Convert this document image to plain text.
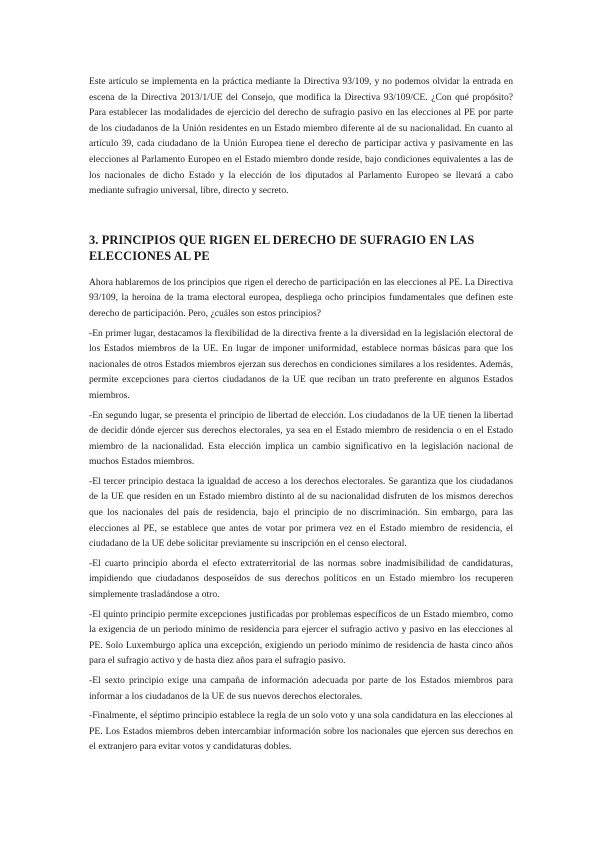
Este artículo se implementa en la práctica mediante la Directiva 93/109, y no podemos olvidar la entrada en escena de la Directiva 2013/1/UE del Consejo, que modifica la Directiva 93/109/CE. ¿Con qué propósito? Para establecer las modalidades de ejercicio del derecho de sufragio pasivo en las elecciones al PE por parte de los ciudadanos de la Unión residentes en un Estado miembro diferente al de su nacionalidad. En cuanto al artículo 39, cada ciudadano de la Unión Europea tiene el derecho de participar activa y pasivamente en las elecciones al Parlamento Europeo en el Estado miembro donde reside, bajo condiciones equivalentes a las de los nacionales de dicho Estado y la elección de los diputados al Parlamento Europeo se llevará a cabo mediante sufragio universal, libre, directo y secreto.

3. PRINCIPIOS QUE RIGEN EL DERECHO DE SUFRAGIO EN LAS ELECCIONES AL PE

Ahora hablaremos de los principios que rigen el derecho de participación en las elecciones al PE. La Directiva 93/109, la heroína de la trama electoral europea, despliega ocho principios fundamentales que definen este derecho de participación. Pero, ¿cuáles son estos principios?

-En primer lugar, destacamos la flexibilidad de la directiva frente a la diversidad en la legislación electoral de los Estados miembros de la UE. En lugar de imponer uniformidad, establece normas básicas para que los nacionales de otros Estados miembros ejerzan sus derechos en condiciones similares a los residentes. Además, permite excepciones para ciertos ciudadanos de la UE que reciban un trato preferente en algunos Estados miembros.

-En segundo lugar, se presenta el principio de libertad de elección. Los ciudadanos de la UE tienen la libertad de decidir dónde ejercer sus derechos electorales, ya sea en el Estado miembro de residencia o en el Estado miembro de la nacionalidad. Esta elección implica un cambio significativo en la legislación nacional de muchos Estados miembros.

-El tercer principio destaca la igualdad de acceso a los derechos electorales. Se garantiza que los ciudadanos de la UE que residen en un Estado miembro distinto al de su nacionalidad disfruten de los mismos derechos que los nacionales del país de residencia, bajo el principio de no discriminación. Sin embargo, para las elecciones al PE, se establece que antes de votar por primera vez en el Estado miembro de residencia, el ciudadano de la UE debe solicitar previamente su inscripción en el censo electoral.

-El cuarto principio aborda el efecto extraterritorial de las normas sobre inadmisibilidad de candidaturas, impidiendo que ciudadanos desposeídos de sus derechos políticos en un Estado miembro los recuperen simplemente trasladándose a otro.

-El quinto principio permite excepciones justificadas por problemas específicos de un Estado miembro, como la exigencia de un periodo mínimo de residencia para ejercer el sufragio activo y pasivo en las elecciones al PE. Solo Luxemburgo aplica una excepción, exigiendo un periodo mínimo de residencia de hasta cinco años para el sufragio activo y de hasta diez años para el sufragio pasivo.

-El sexto principio exige una campaña de información adecuada por parte de los Estados miembros para informar a los ciudadanos de la UE de sus nuevos derechos electorales.

-Finalmente, el séptimo principio establece la regla de un solo voto y una sola candidatura en las elecciones al PE. Los Estados miembros deben intercambiar información sobre los nacionales que ejercen sus derechos en el extranjero para evitar votos y candidaturas dobles.
